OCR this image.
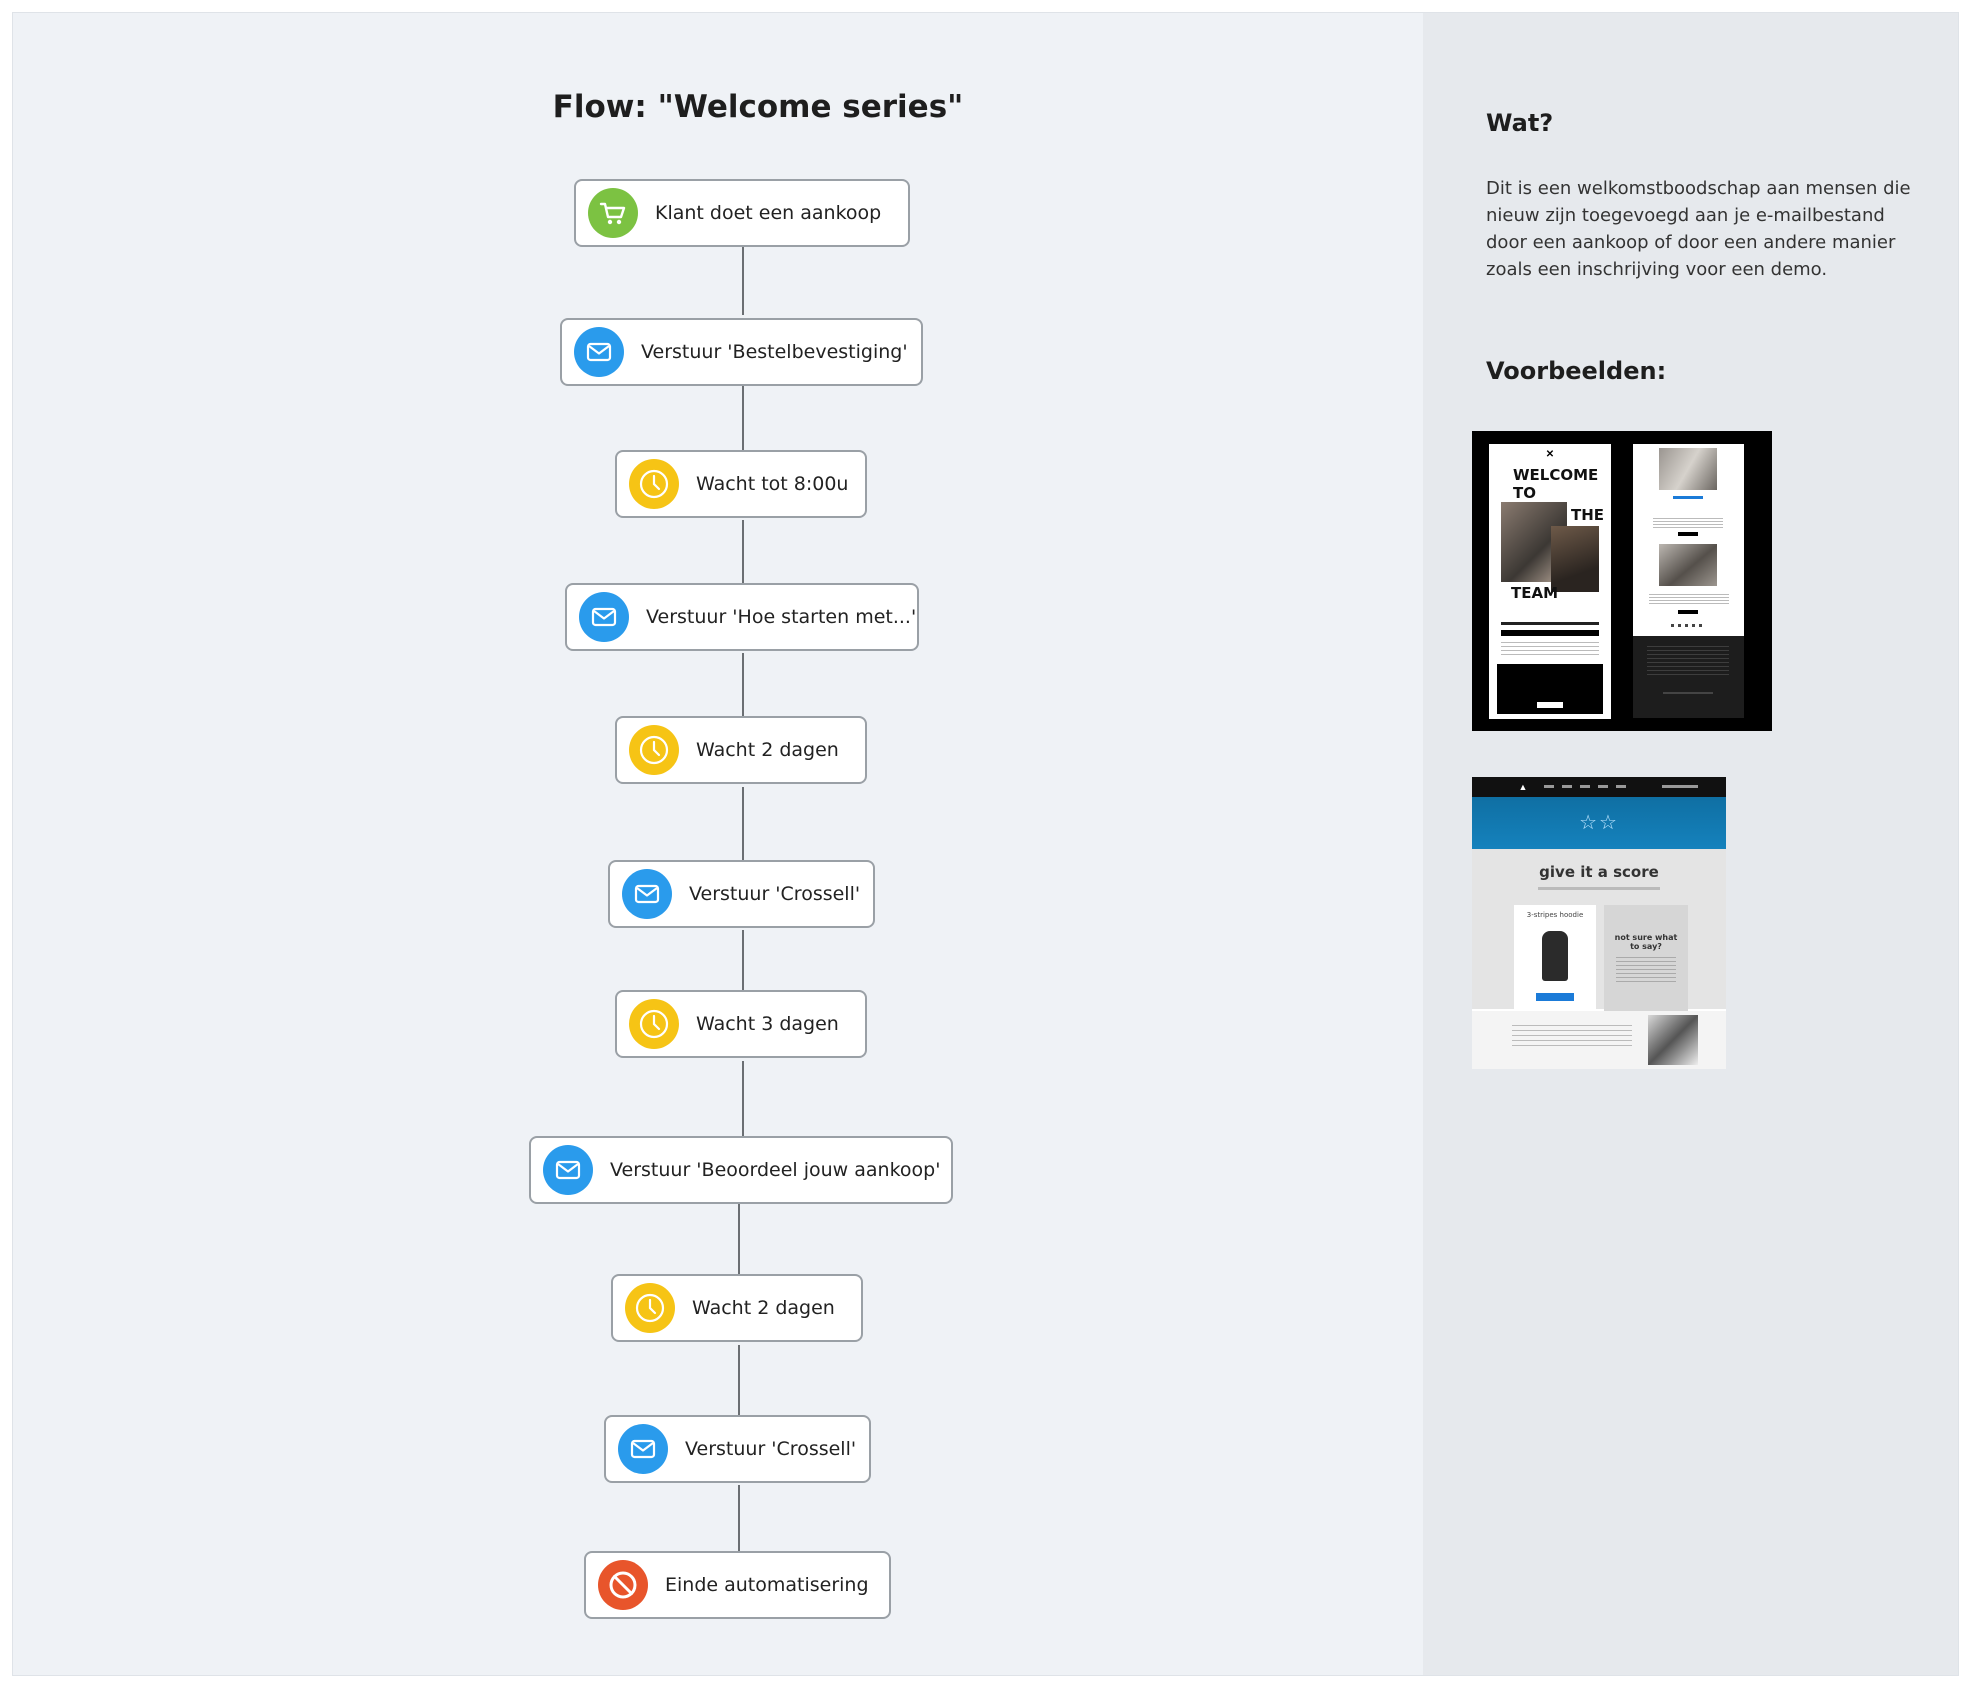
Flow: "Welcome series"
Klant doet een aankoop
Verstuur 'Bestelbevestiging'
Wacht tot 8:00u
Verstuur 'Hoe starten met...'
Wacht 2 dagen
Verstuur 'Crossell'
Wacht 3 dagen
Verstuur 'Beoordeel jouw aankoop'
Wacht 2 dagen
Verstuur 'Crossell'
Einde automatisering
Wat?
Dit is een welkomstboodschap aan mensen die nieuw zijn toegevoegd aan je e-mailbestand door een aankoop of door een andere manier zoals een inschrijving voor een demo.
Voorbeelden:
✕
WELCOME
TO
THE
TEAM
▲
☆☆
give it a score
3-stripes hoodie
not sure what to say?
